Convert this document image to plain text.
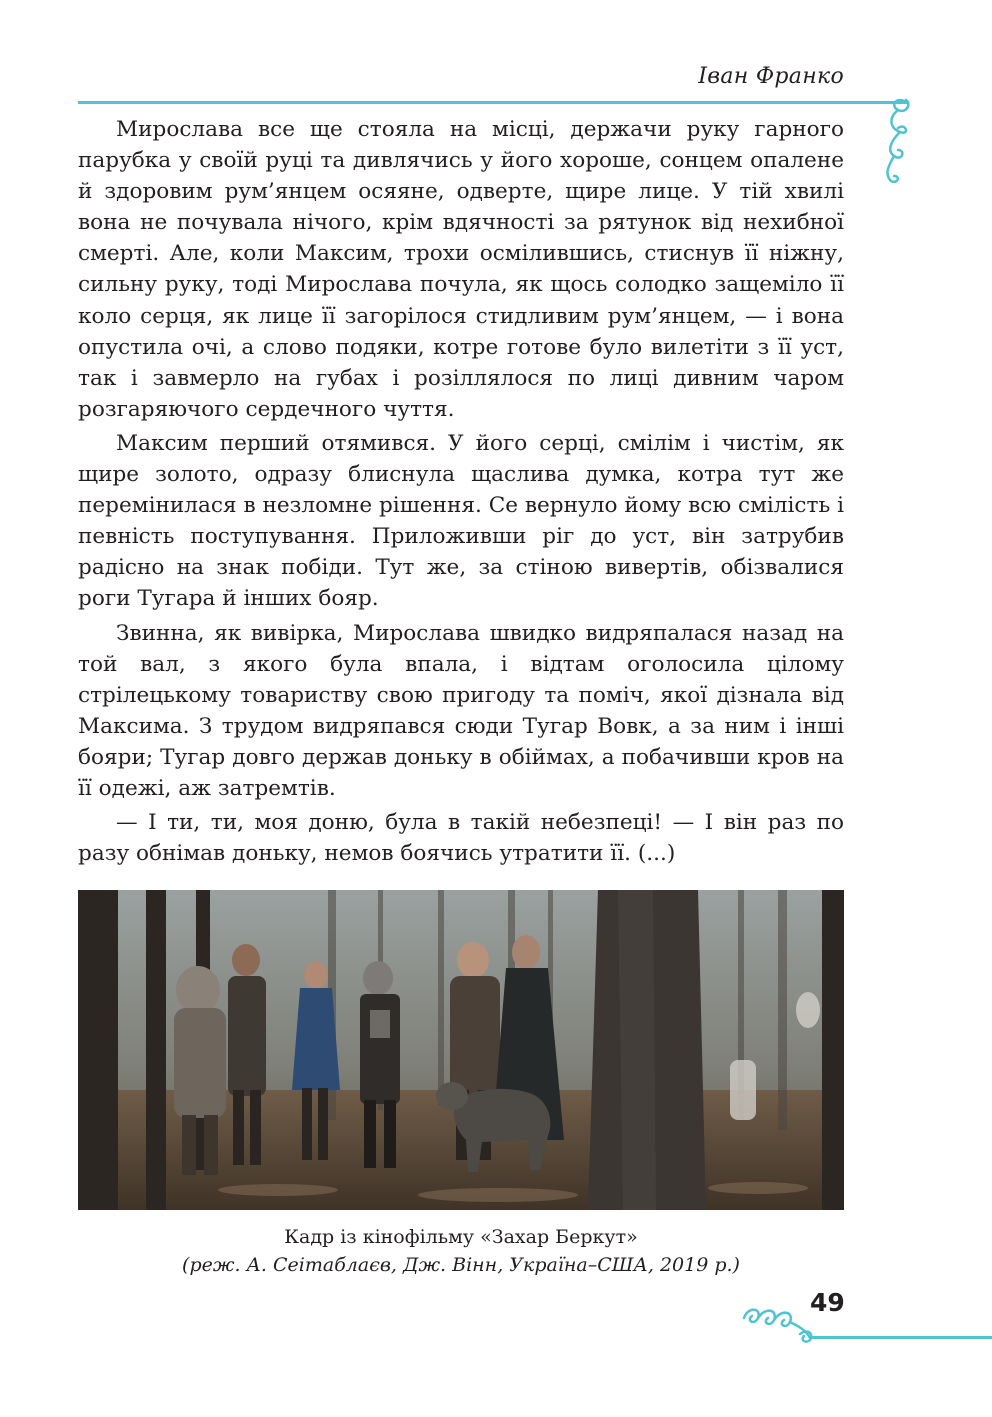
Іван Франко

Мирослава все ще стояла на місці, держачи руку гарного парубка у своїй руці та дивлячись у його хороше, сонцем опалене й здоровим рум’янцем осяяне, одверте, щире лице. У тій хвилі вона не почувала нічого, крім вдячності за рятунок від нехибної смерті. Але, коли Максим, трохи осмілившись, стиснув її ніжну, сильну руку, тоді Мирослава почула, як щось солодко защеміло її коло серця, як лице її загорілося стидливим рум’янцем, — і вона опустила очі, а слово подяки, котре готове було вилетіти з її уст, так і завмерло на губах і розіллялося по лиці дивним чаром розгаряючого сердечного чуття.

Максим перший отямився. У його серці, смілім і чистім, як щире золото, одразу блиснула щаслива думка, котра тут же перемінилася в незломне рішення. Се вернуло йому всю смілість і певність поступування. Приложивши ріг до уст, він затрубив радісно на знак побіди. Тут же, за стіною вивертів, обізвалися роги Тугара й інших бояр.

Звинна, як вивірка, Мирослава швидко видряпалася назад на той вал, з якого була впала, і відтам оголосила цілому стрілецькому товариству свою пригоду та поміч, якої дізнала від Максима. З трудом видряпався сюди Тугар Вовк, а за ним і інші бояри; Тугар довго держав доньку в обіймах, а побачивши кров на її одежі, аж затремтів.

— І ти, ти, моя доню, була в такій небезпеці! — І він раз по разу обнімав доньку, немов боячись утратити її. (...)

Кадр із кінофільму «Захар Беркут»
(реж. А. Сеітаблаєв, Дж. Вінн, Україна–США, 2019 р.)
49
